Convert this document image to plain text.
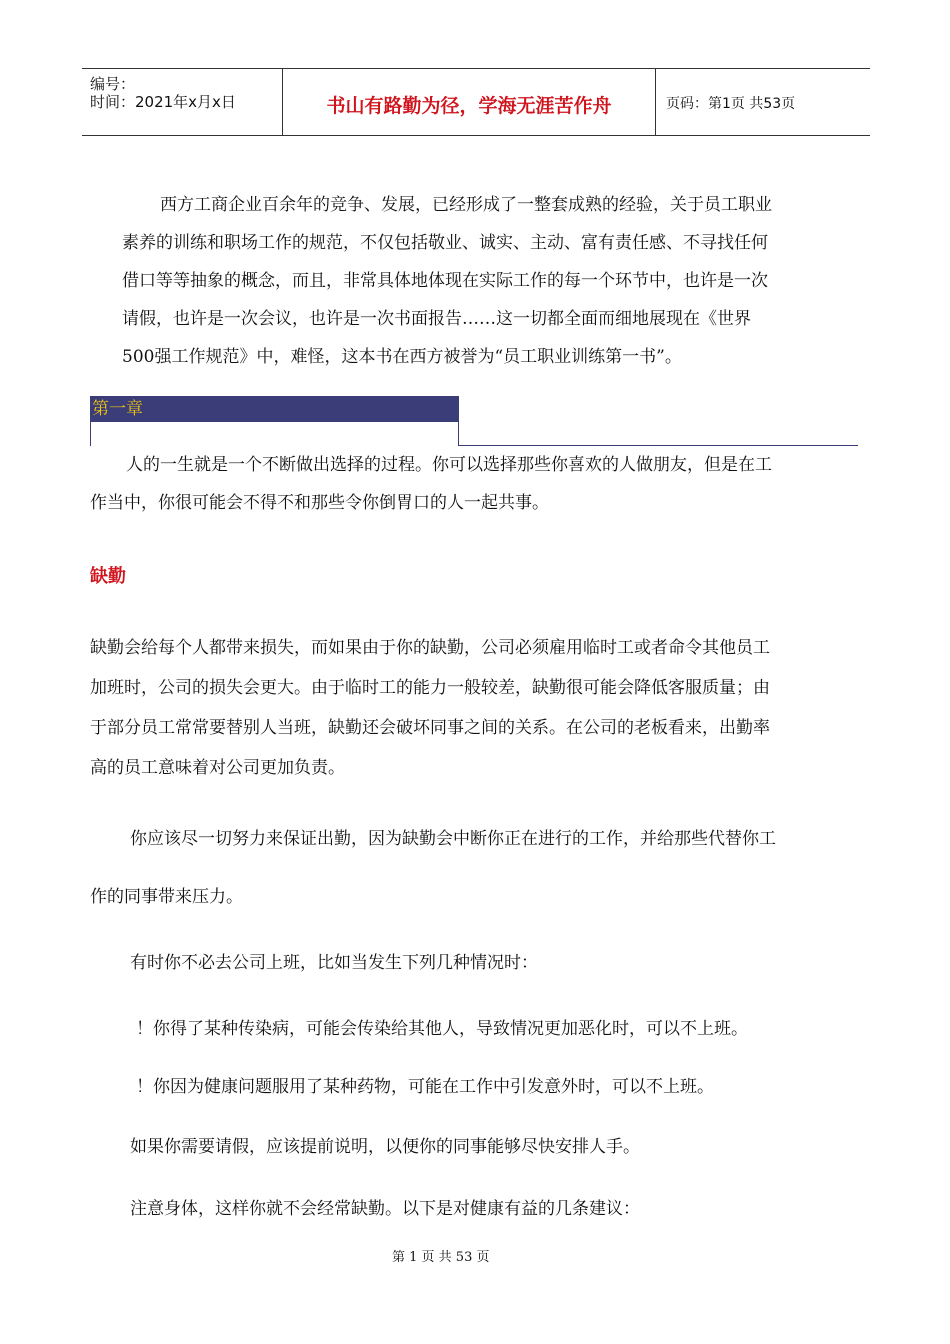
编号：
时间：2021年x月x日	书山有路勤为径，学海无涯苦作舟	页码：第1页 共53页
西方工商企业百余年的竞争、发展，已经形成了一整套成熟的经验，关于员工职业
素养的训练和职场工作的规范，不仅包括敬业、诚实、主动、富有责任感、不寻找任何
借口等等抽象的概念，而且，非常具体地体现在实际工作的每一个环节中，也许是一次
请假，也许是一次会议，也许是一次书面报告……这一切都全面而细地展现在《世界
500强工作规范》中，难怪，这本书在西方被誉为“员工职业训练第一书”。
第一章
人的一生就是一个不断做出选择的过程。你可以选择那些你喜欢的人做朋友，但是在工
作当中，你很可能会不得不和那些令你倒胃口的人一起共事。
缺勤
缺勤会给每个人都带来损失，而如果由于你的缺勤，公司必须雇用临时工或者命令其他员工
加班时，公司的损失会更大。由于临时工的能力一般较差，缺勤很可能会降低客服质量；由
于部分员工常常要替别人当班，缺勤还会破坏同事之间的关系。在公司的老板看来，出勤率
高的员工意味着对公司更加负责。
你应该尽一切努力来保证出勤，因为缺勤会中断你正在进行的工作，并给那些代替你工
作的同事带来压力。
有时你不必去公司上班，比如当发生下列几种情况时：
！你得了某种传染病，可能会传染给其他人，导致情况更加恶化时，可以不上班。
！你因为健康问题服用了某种药物，可能在工作中引发意外时，可以不上班。
如果你需要请假，应该提前说明，以便你的同事能够尽快安排人手。
注意身体，这样你就不会经常缺勤。以下是对健康有益的几条建议：
第 1 页 共 53 页
